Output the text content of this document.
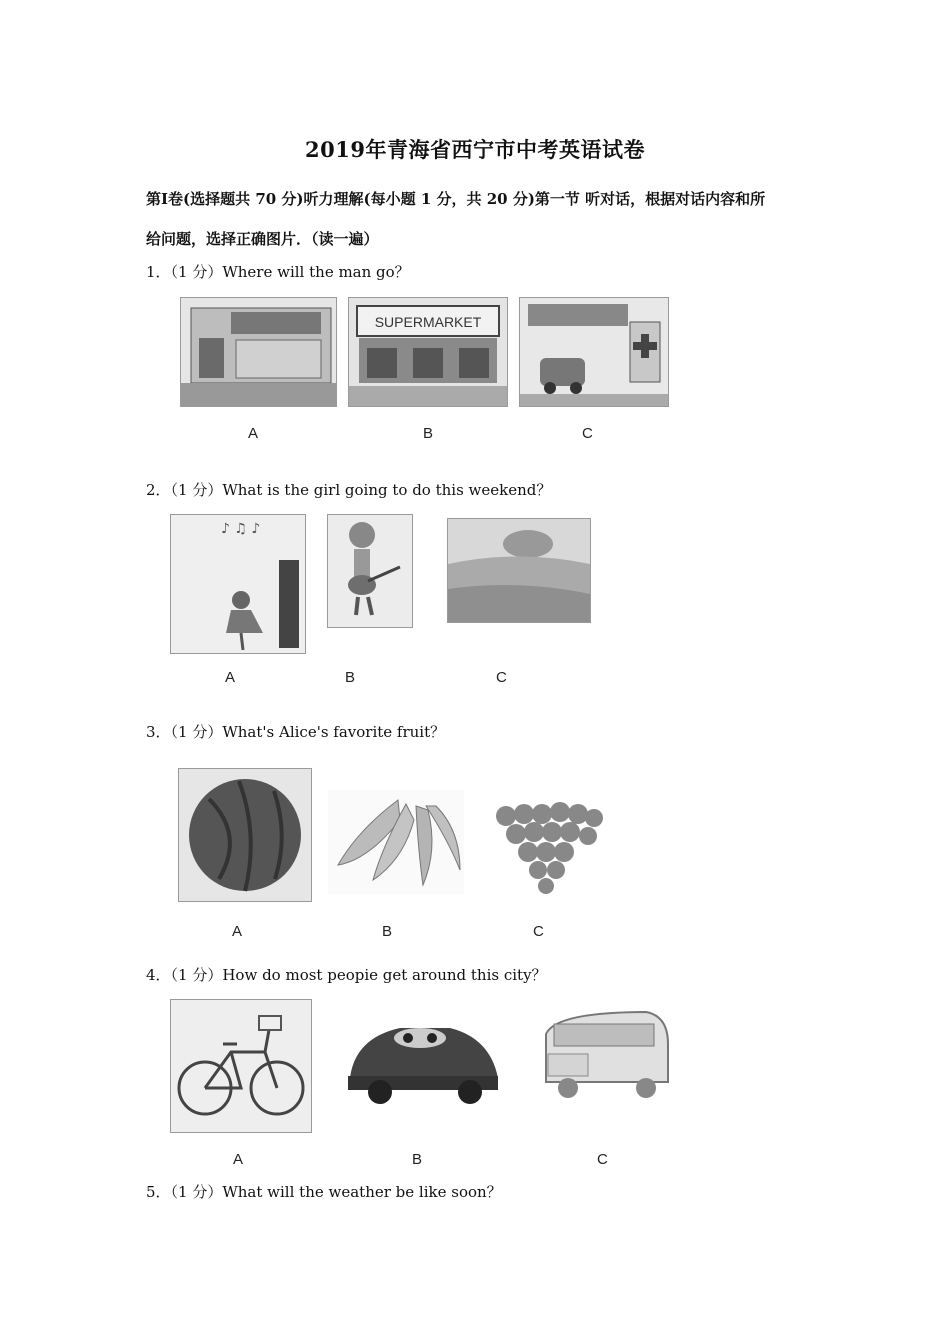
2019年青海省西宁市中考英语试卷
第Ⅰ卷(选择题共 70 分)听力理解(每小题 1 分，共 20 分)第一节 听对话，根据对话内容和所
给问题，选择正确图片．（读一遍）
1．（1 分）Where will the man go？
SUPERMARKET
A	B	C
2．（1 分）What is the girl going to do this weekend？
♪ ♫ ♪
A	B	C
3．（1 分）What's Alice's favorite fruit？
A	B	C
4．（1 分）How do most peopie get around this city？
A	B	C
5．（1 分）What will the weather be like soon？
